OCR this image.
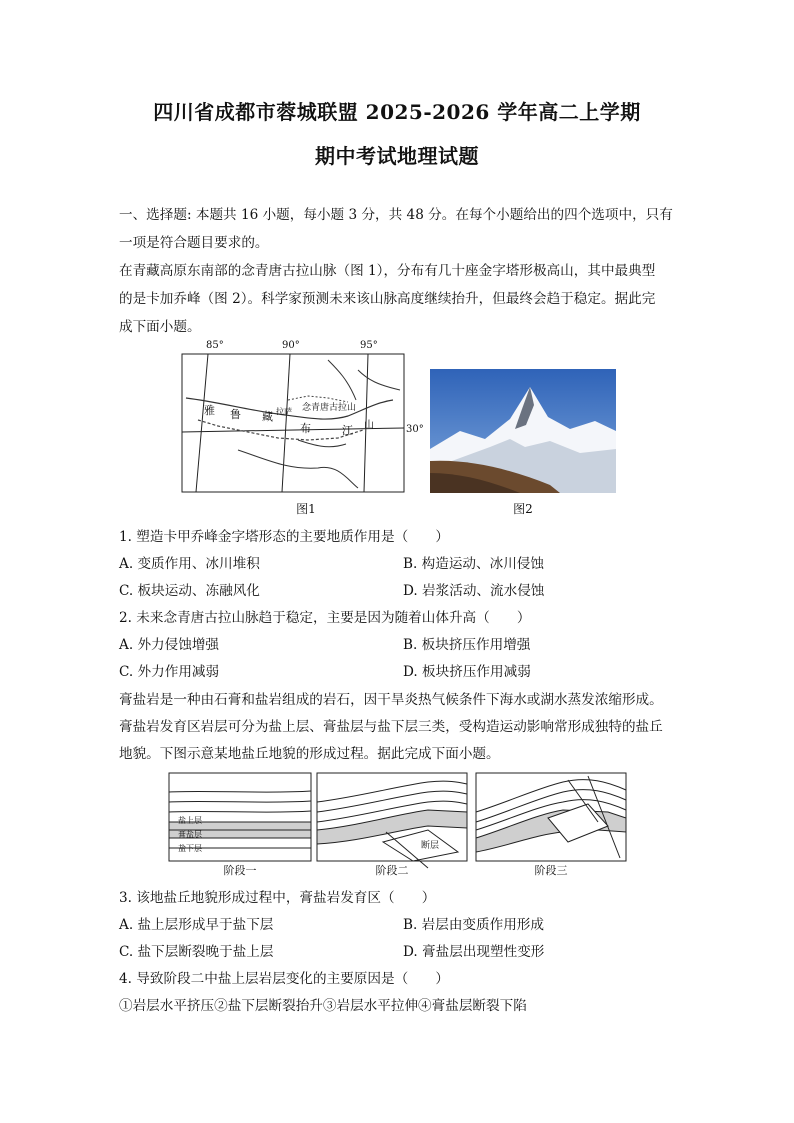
四川省成都市蓉城联盟 2025-2026 学年高二上学期
期中考试地理试题
一、选择题: 本题共 16 小题，每小题 3 分，共 48 分。在每个小题给出的四个选项中，只有
一项是符合题目要求的。
在青藏高原东南部的念青唐古拉山脉（图 1），分布有几十座金字塔形极高山，其中最典型
的是卡加乔峰（图 2）。科学家预测未来该山脉高度继续抬升，但最终会趋于稳定。据此完
成下面小题。
85°	90°	95°
30°
雅 鲁 藏 拉萨 念青唐古拉山
布	江 山
图1	图2
1. 塑造卡甲乔峰金字塔形态的主要地质作用是（　　）
A. 变质作用、冰川堆积	B. 构造运动、冰川侵蚀
C. 板块运动、冻融风化	D. 岩浆活动、流水侵蚀
2. 未来念青唐古拉山脉趋于稳定，主要是因为随着山体升高（　　）
A. 外力侵蚀增强	B. 板块挤压作用增强
C. 外力作用减弱	D. 板块挤压作用减弱
膏盐岩是一种由石膏和盐岩组成的岩石，因干旱炎热气候条件下海水或湖水蒸发浓缩形成。
膏盐岩发育区岩层可分为盐上层、膏盐层与盐下层三类，受构造运动影响常形成独特的盐丘
地貌。下图示意某地盐丘地貌的形成过程。据此完成下面小题。
盐上层
膏盐层
盐下层	断层
阶段一	阶段二	阶段三
3. 该地盐丘地貌形成过程中，膏盐岩发育区（　　）
A. 盐上层形成早于盐下层	B. 岩层由变质作用形成
C. 盐下层断裂晚于盐上层	D. 膏盐层出现塑性变形
4. 导致阶段二中盐上层岩层变化的主要原因是（　　）
①岩层水平挤压②盐下层断裂抬升③岩层水平拉伸④膏盐层断裂下陷
